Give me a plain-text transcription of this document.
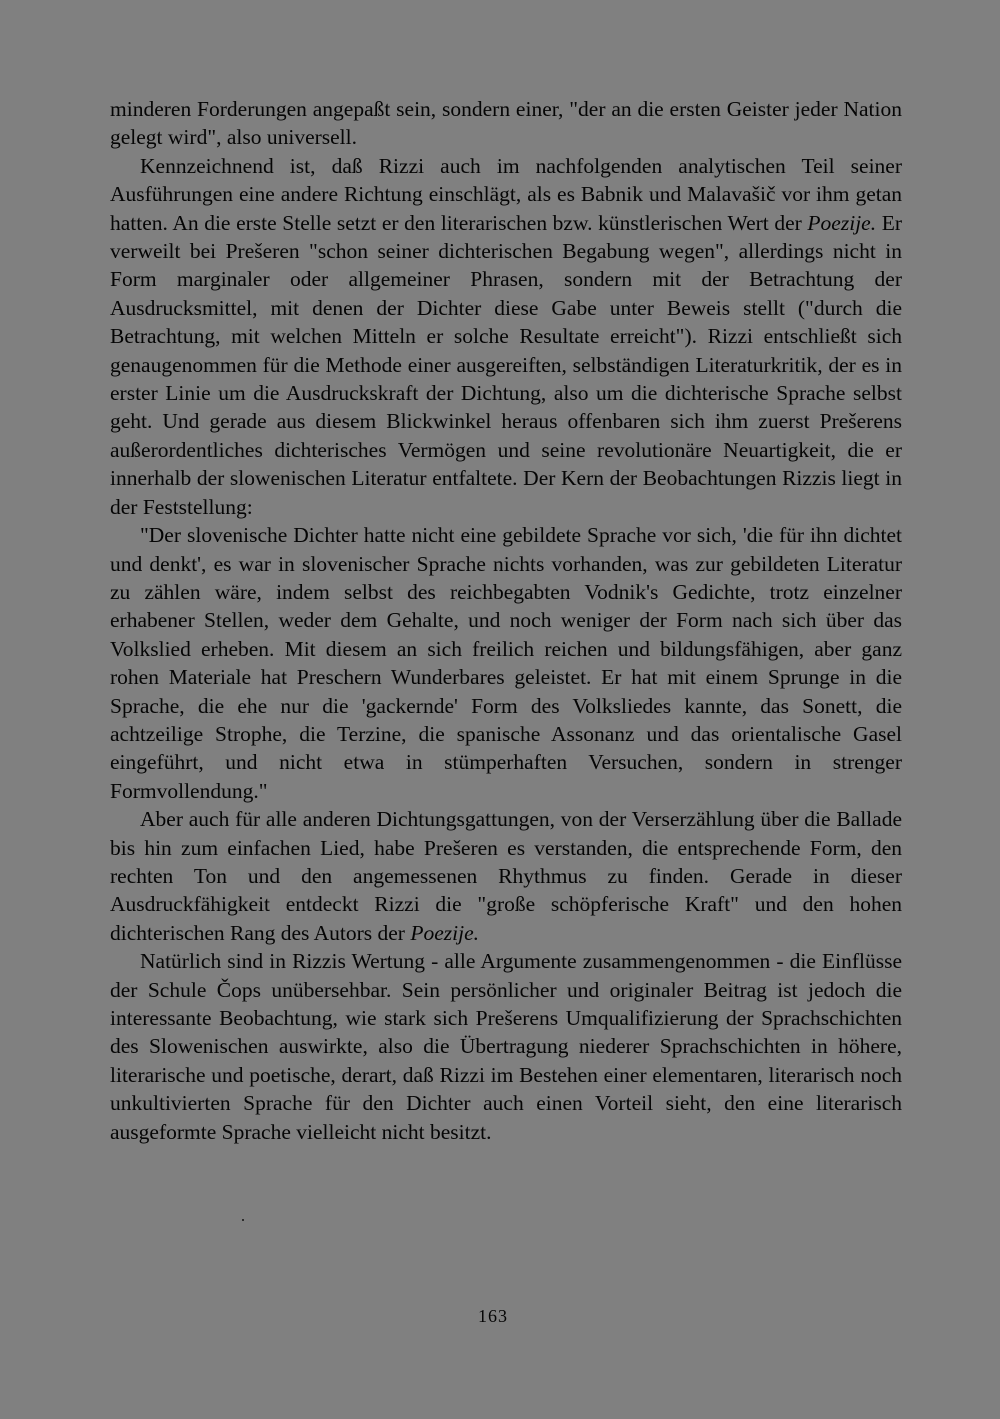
minderen Forderungen angepaßt sein, sondern einer, "der an die ersten Geister jeder Nation gelegt wird", also universell.

Kennzeichnend ist, daß Rizzi auch im nachfolgenden analytischen Teil seiner Ausführungen eine andere Richtung einschlägt, als es Babnik und Malavašič vor ihm getan hatten. An die erste Stelle setzt er den literarischen bzw. künstlerischen Wert der Poezije. Er verweilt bei Prešeren "schon seiner dichterischen Begabung wegen", allerdings nicht in Form marginaler oder allgemeiner Phrasen, sondern mit der Betrachtung der Ausdrucksmittel, mit denen der Dichter diese Gabe unter Beweis stellt ("durch die Betrachtung, mit welchen Mitteln er solche Resultate erreicht"). Rizzi entschließt sich genaugenommen für die Methode einer ausgereiften, selbständigen Literaturkritik, der es in erster Linie um die Ausdruckskraft der Dichtung, also um die dichterische Sprache selbst geht. Und gerade aus diesem Blickwinkel heraus offenbaren sich ihm zuerst Prešerens außerordentliches dichterisches Vermögen und seine revolutionäre Neuartigkeit, die er innerhalb der slowenischen Literatur entfaltete. Der Kern der Beobachtungen Rizzis liegt in der Feststellung:

"Der slovenische Dichter hatte nicht eine gebildete Sprache vor sich, 'die für ihn dichtet und denkt', es war in slovenischer Sprache nichts vorhanden, was zur gebildeten Literatur zu zählen wäre, indem selbst des reichbegabten Vodnik's Gedichte, trotz einzelner erhabener Stellen, weder dem Gehalte, und noch weniger der Form nach sich über das Volkslied erheben. Mit diesem an sich freilich reichen und bildungsfähigen, aber ganz rohen Materiale hat Preschern Wunderbares geleistet. Er hat mit einem Sprunge in die Sprache, die ehe nur die 'gackernde' Form des Volksliedes kannte, das Sonett, die achtzeilige Strophe, die Terzine, die spanische Assonanz und das orientalische Gasel eingeführt, und nicht etwa in stümperhaften Versuchen, sondern in strenger Formvollendung."

Aber auch für alle anderen Dichtungsgattungen, von der Verserzählung über die Ballade bis hin zum einfachen Lied, habe Prešeren es verstanden, die entsprechende Form, den rechten Ton und den angemessenen Rhythmus zu finden. Gerade in dieser Ausdruckfähigkeit entdeckt Rizzi die "große schöpferische Kraft" und den hohen dichterischen Rang des Autors der Poezije.

Natürlich sind in Rizzis Wertung - alle Argumente zusammengenommen - die Einflüsse der Schule Čops unübersehbar. Sein persönlicher und originaler Beitrag ist jedoch die interessante Beobachtung, wie stark sich Prešerens Umqualifizierung der Sprachschichten des Slowenischen auswirkte, also die Übertragung niederer Sprachschichten in höhere, literarische und poetische, derart, daß Rizzi im Bestehen einer elementaren, literarisch noch unkultivierten Sprache für den Dichter auch einen Vorteil sieht, den eine literarisch ausgeformte Sprache vielleicht nicht besitzt.

163
